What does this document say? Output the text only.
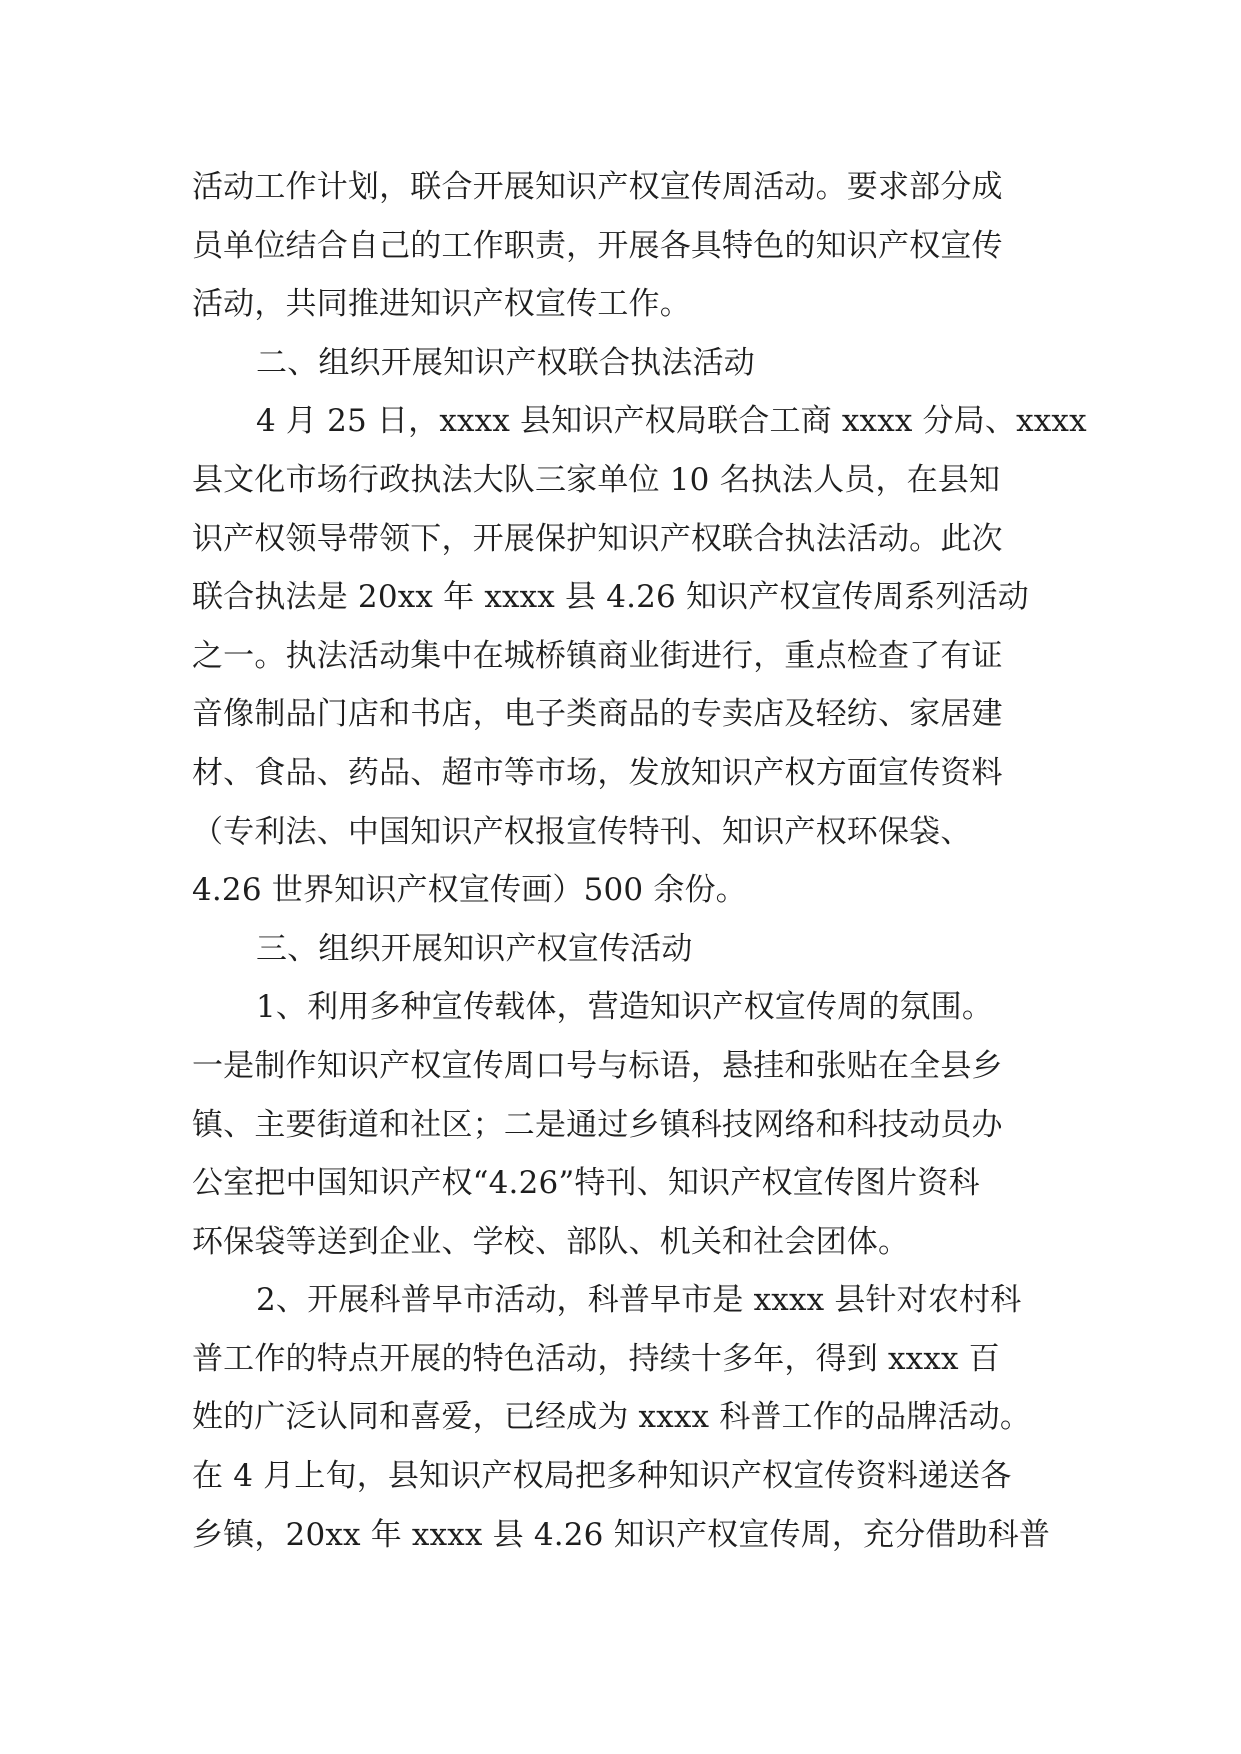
活动工作计划，联合开展知识产权宣传周活动。要求部分成
员单位结合自己的工作职责，开展各具特色的知识产权宣传
活动，共同推进知识产权宣传工作。
二、组织开展知识产权联合执法活动
4 月 25 日，xxxx 县知识产权局联合工商 xxxx 分局、xxxx
县文化市场行政执法大队三家单位 10 名执法人员，在县知
识产权领导带领下，开展保护知识产权联合执法活动。此次
联合执法是 20xx 年 xxxx 县 4.26 知识产权宣传周系列活动
之一。执法活动集中在城桥镇商业街进行，重点检查了有证
音像制品门店和书店，电子类商品的专卖店及轻纺、家居建
材、食品、药品、超市等市场，发放知识产权方面宣传资料
（专利法、中国知识产权报宣传特刊、知识产权环保袋、
4.26 世界知识产权宣传画）500 余份。
三、组织开展知识产权宣传活动
1、利用多种宣传载体，营造知识产权宣传周的氛围。
一是制作知识产权宣传周口号与标语，悬挂和张贴在全县乡
镇、主要街道和社区；二是通过乡镇科技网络和科技动员办
公室把中国知识产权“4.26”特刊、知识产权宣传图片资科
环保袋等送到企业、学校、部队、机关和社会团体。
2、开展科普早市活动，科普早市是 xxxx 县针对农村科
普工作的特点开展的特色活动，持续十多年，得到 xxxx 百
姓的广泛认同和喜爱，已经成为 xxxx 科普工作的品牌活动。
在 4 月上旬，县知识产权局把多种知识产权宣传资料递送各
乡镇，20xx 年 xxxx 县 4.26 知识产权宣传周，充分借助科普
